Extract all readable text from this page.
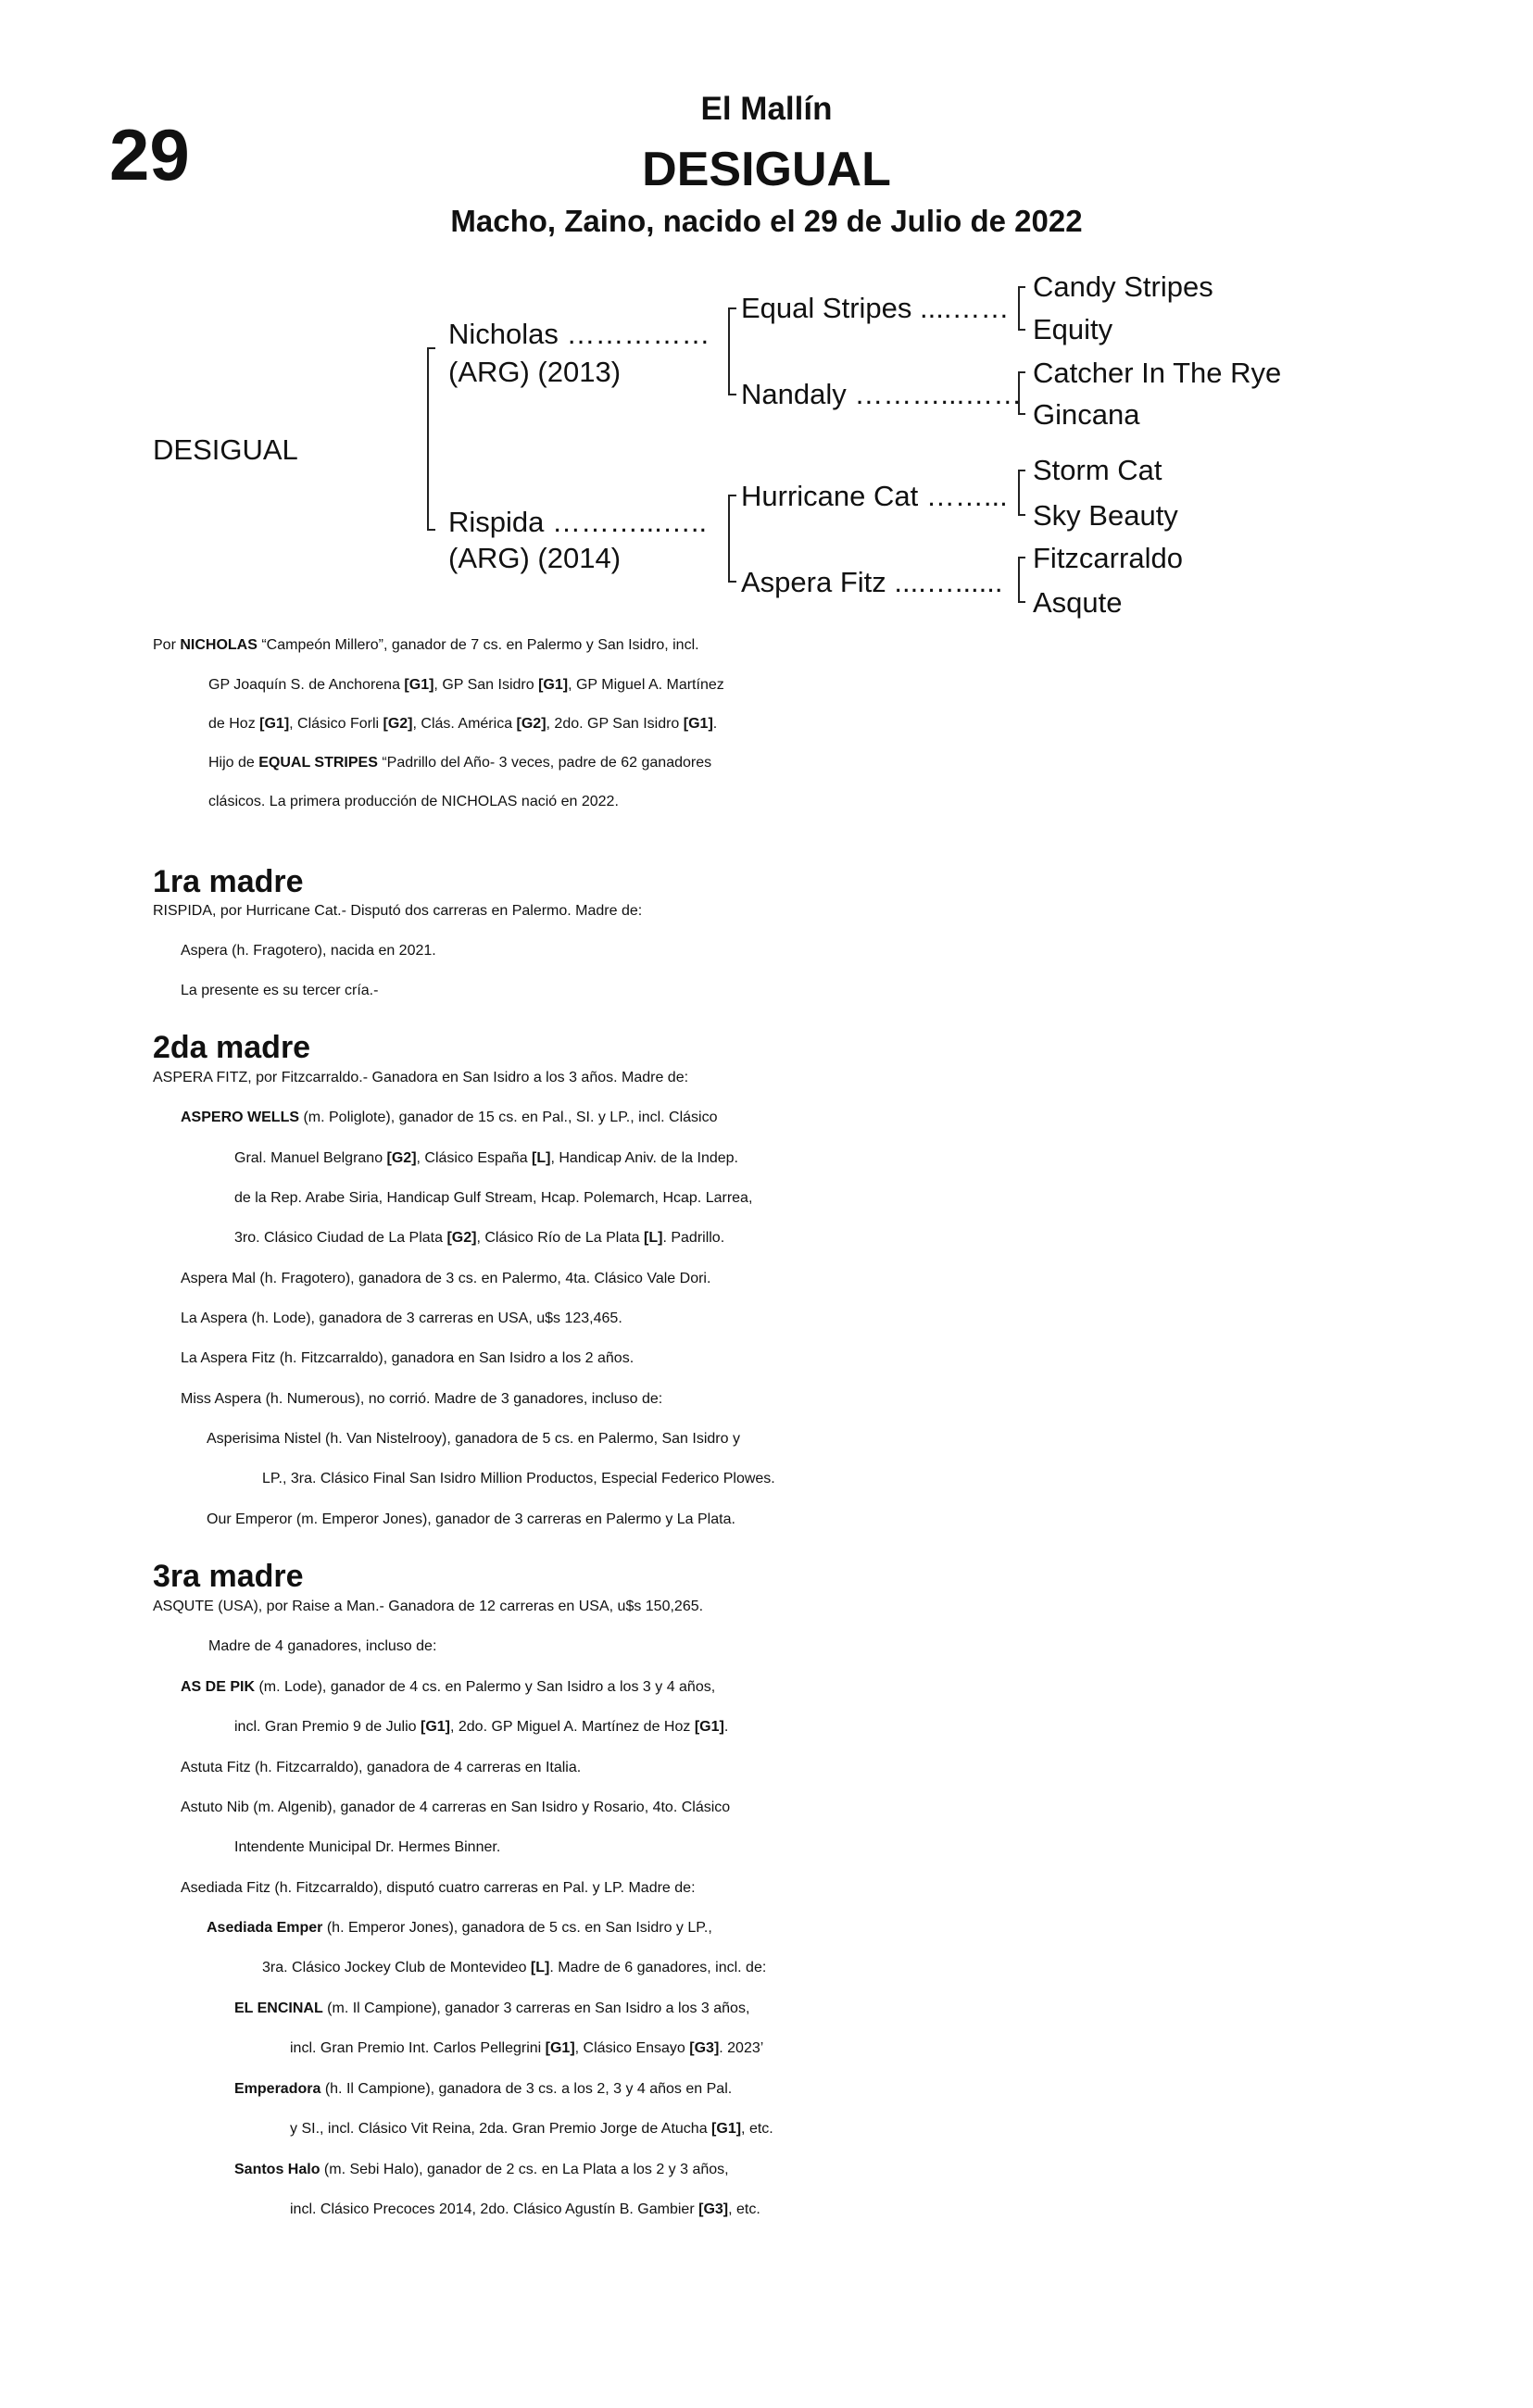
29
El Mallín
DESIGUAL
Macho, Zaino, nacido el 29 de Julio de 2022
DESIGUAL
Nicholas ……………
(ARG) (2013)
Rispida ………...…..
(ARG) (2014)
Equal Stripes ....……
Nandaly ………...……
Hurricane Cat ……...
Aspera Fitz ....…......
Candy Stripes
Equity
Catcher In The Rye
Gincana
Storm Cat
Sky Beauty
Fitzcarraldo
Asqute
Por NICHOLAS “Campeón Millero”, ganador de 7 cs. en Palermo y San Isidro, incl.
GP Joaquín S. de Anchorena [G1], GP San Isidro [G1], GP Miguel A. Martínez
de Hoz [G1], Clásico Forli [G2], Clás. América [G2], 2do. GP San Isidro [G1].
Hijo de EQUAL STRIPES “Padrillo del Año- 3 veces, padre de 62 ganadores
clásicos. La primera producción de NICHOLAS nació en 2022.
1ra madre
RISPIDA, por Hurricane Cat.- Disputó dos carreras en Palermo. Madre de:
Aspera (h. Fragotero), nacida en 2021.
La presente es su tercer cría.-
2da madre
ASPERA FITZ, por Fitzcarraldo.- Ganadora en San Isidro a los 3 años. Madre de:
ASPERO WELLS (m. Poliglote), ganador de 15 cs. en Pal., SI. y LP., incl. Clásico
Gral. Manuel Belgrano [G2], Clásico España [L], Handicap Aniv. de la Indep.
de la Rep. Arabe Siria, Handicap Gulf Stream, Hcap. Polemarch, Hcap. Larrea,
3ro. Clásico Ciudad de La Plata [G2], Clásico Río de La Plata [L]. Padrillo.
Aspera Mal (h. Fragotero), ganadora de 3 cs. en Palermo, 4ta. Clásico Vale Dori.
La Aspera (h. Lode), ganadora de 3 carreras en USA, u$s 123,465.
La Aspera Fitz (h. Fitzcarraldo), ganadora en San Isidro a los 2 años.
Miss Aspera (h. Numerous), no corrió. Madre de 3 ganadores, incluso de:
Asperisima Nistel (h. Van Nistelrooy), ganadora de 5 cs. en Palermo, San Isidro y
LP., 3ra. Clásico Final San Isidro Million Productos, Especial Federico Plowes.
Our Emperor (m. Emperor Jones), ganador de 3 carreras en Palermo y La Plata.
3ra madre
ASQUTE (USA), por Raise a Man.- Ganadora de 12 carreras en USA, u$s 150,265.
Madre de 4 ganadores, incluso de:
AS DE PIK (m. Lode), ganador de 4 cs. en Palermo y San Isidro a los 3 y 4 años,
incl. Gran Premio 9 de Julio [G1], 2do. GP Miguel A. Martínez de Hoz [G1].
Astuta Fitz (h. Fitzcarraldo), ganadora de 4 carreras en Italia.
Astuto Nib (m. Algenib), ganador de 4 carreras en San Isidro y Rosario, 4to. Clásico
Intendente Municipal Dr. Hermes Binner.
Asediada Fitz (h. Fitzcarraldo), disputó cuatro carreras en Pal. y LP. Madre de:
Asediada Emper (h. Emperor Jones), ganadora de 5 cs. en San Isidro y LP.,
3ra. Clásico Jockey Club de Montevideo [L]. Madre de 6 ganadores, incl. de:
EL ENCINAL (m. Il Campione), ganador 3 carreras en San Isidro a los 3 años,
incl. Gran Premio Int. Carlos Pellegrini [G1], Clásico Ensayo [G3]. 2023’
Emperadora (h. Il Campione), ganadora de 3 cs. a los 2, 3 y 4 años en Pal.
y SI., incl. Clásico Vit Reina, 2da. Gran Premio Jorge de Atucha [G1], etc.
Santos Halo (m. Sebi Halo), ganador de 2 cs. en La Plata a los 2 y 3 años,
incl. Clásico Precoces 2014, 2do. Clásico Agustín B. Gambier [G3], etc.
